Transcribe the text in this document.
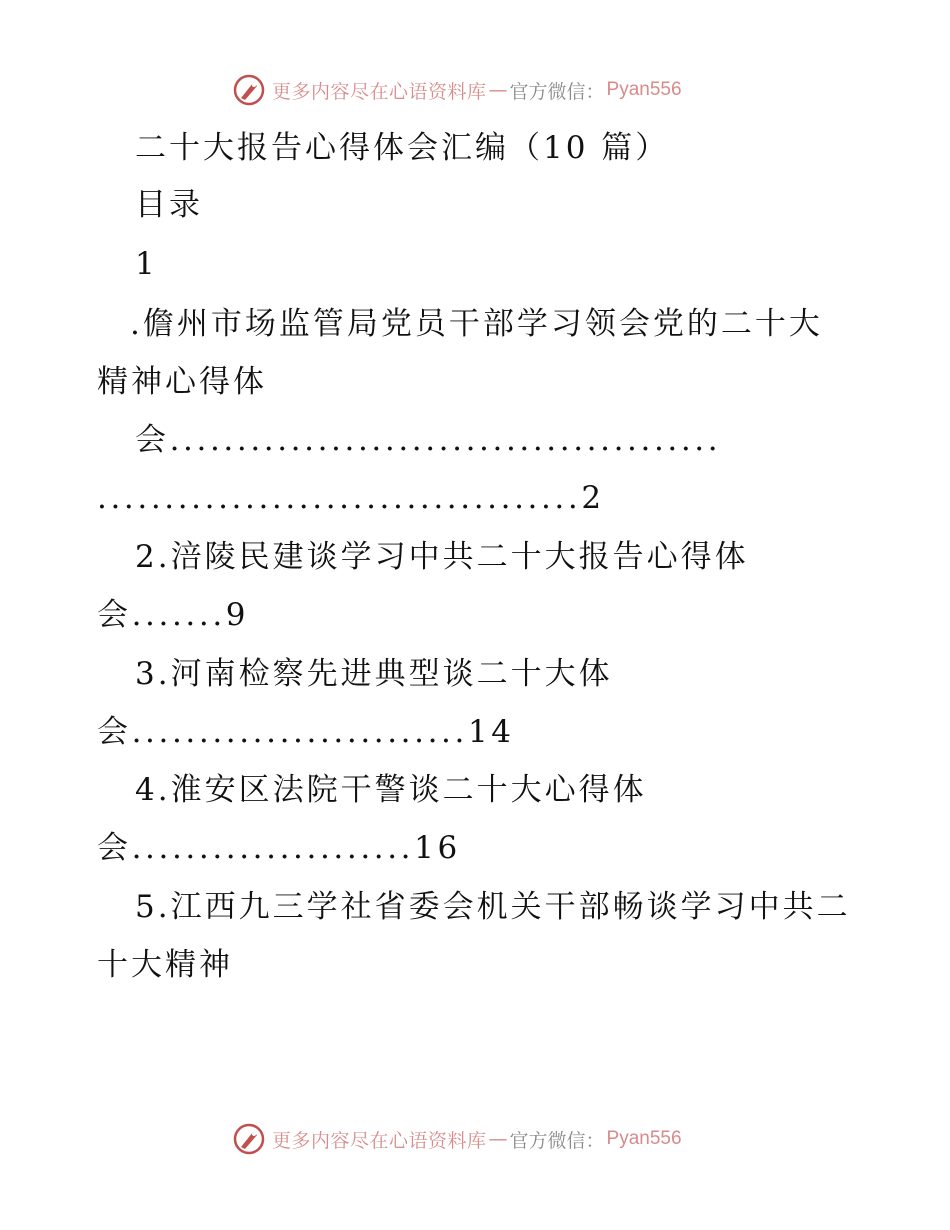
更多内容尽在心语资料库 — 官方微信： Pyan556
二十大报告心得体会汇编（10 篇）
目录
1
.儋州市场监管局党员干部学习领会党的二十大
精神心得体
会.........................................
....................................2
2.涪陵民建谈学习中共二十大报告心得体
会.......9
3.河南检察先进典型谈二十大体
会.........................14
4.淮安区法院干警谈二十大心得体
会.....................16
5.江西九三学社省委会机关干部畅谈学习中共二
十大精神
更多内容尽在心语资料库 — 官方微信： Pyan556
